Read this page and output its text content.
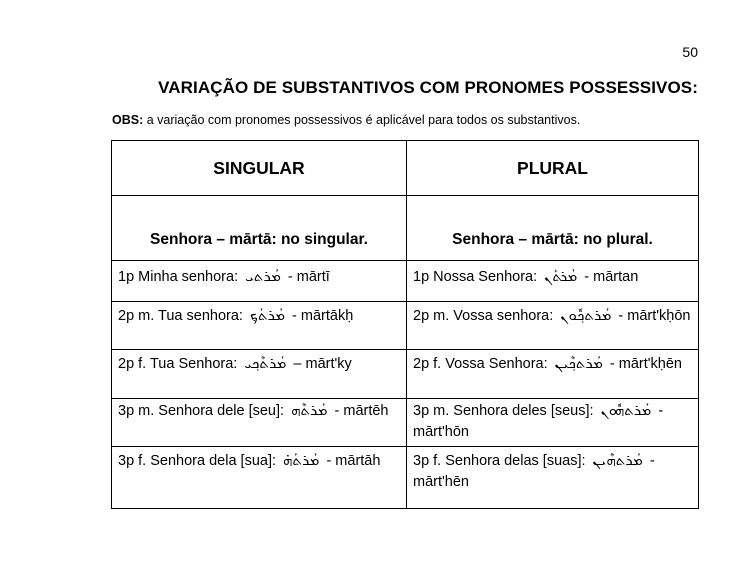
50
VARIAÇÃO DE SUBSTANTIVOS COM PRONOMES POSSESSIVOS:
OBS: a variação com pronomes possessivos é aplicável para todos os substantivos.
SINGULAR	PLURAL
Senhora – mārtā: no singular.	Senhora – mārtā: no plural.
1p Minha senhora: ܡܳܪܬܝ - mārtī	1p Nossa Senhora: ܡܳܪܬܰܢ - mārtan
2p m. Tua senhora: ܡܳܪܬܳܟ݂ - mārtākḥ	2p m. Vossa senhora: ܡܳܪܬܟ݂ܽܘܢ - mārt'kḥōn
2p f. Tua Senhora: ܡܳܪܬܶܟ݂ܝ – mārt'ky	2p f. Vossa Senhora: ܡܳܪܬܟ݂ܶܝܢ - mārt'kḥēn
3p m. Senhora dele [seu]: ܡܳܪܬܶܗ - mārtēh	3p m. Senhora deles [seus]: ܡܳܪܬܗܽܘܢ - mārt'hōn
3p f. Senhora dela [sua]: ܡܳܪܬܳܗ̇ - mārtāh	3p f. Senhora delas [suas]: ܡܳܪܬܗܶܝܢ - mārt'hēn
